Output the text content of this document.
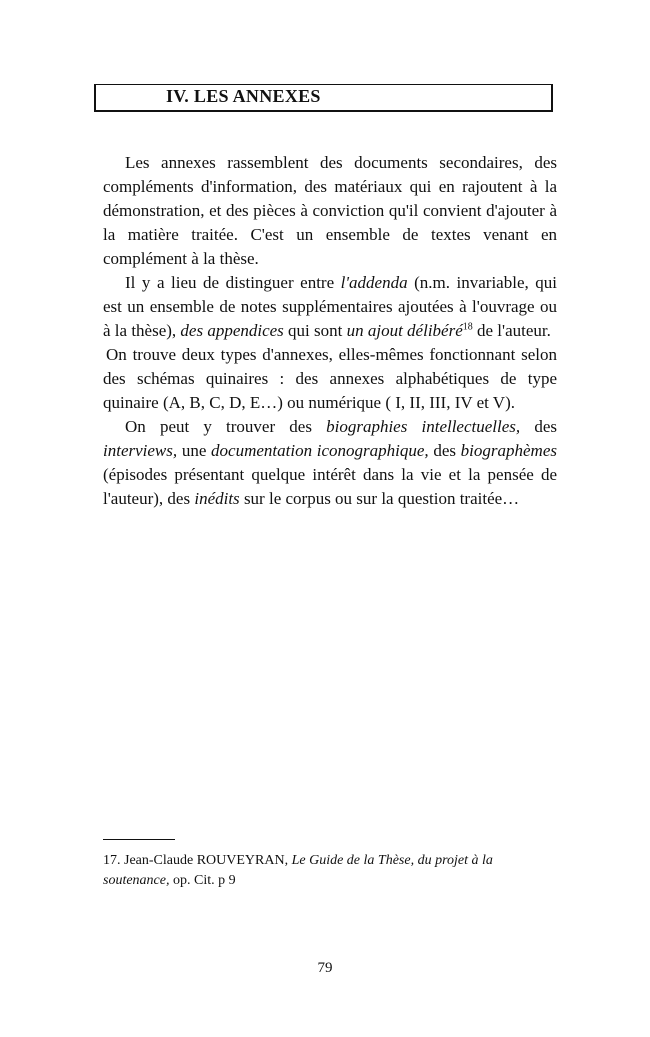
IV. LES ANNEXES

Les annexes rassemblent des documents secondaires, des compléments d'information, des matériaux qui en rajoutent à la démonstration, et des pièces à conviction qu'il convient d'ajouter à la matière traitée. C'est un ensemble de textes venant en complément à la thèse.

Il y a lieu de distinguer entre l'addenda (n.m. invariable, qui est un ensemble de notes supplémentaires ajoutées à l'ouvrage ou à la thèse), des appendices qui sont un ajout délibéré$^{18}$ de l'auteur.

On trouve deux types d'annexes, elles-mêmes fonctionnant selon des schémas quinaires : des annexes alphabétiques de type quinaire (A, B, C, D, E…) ou numérique ( I, II, III, IV et V).

On peut y trouver des biographies intellectuelles, des interviews, une documentation iconographique, des biographèmes (épisodes présentant quelque intérêt dans la vie et la pensée de l'auteur), des inédits sur le corpus ou sur la question traitée…

17. Jean-Claude ROUVEYRAN, Le Guide de la Thèse, du projet à la soutenance, op. Cit. p 9
79
